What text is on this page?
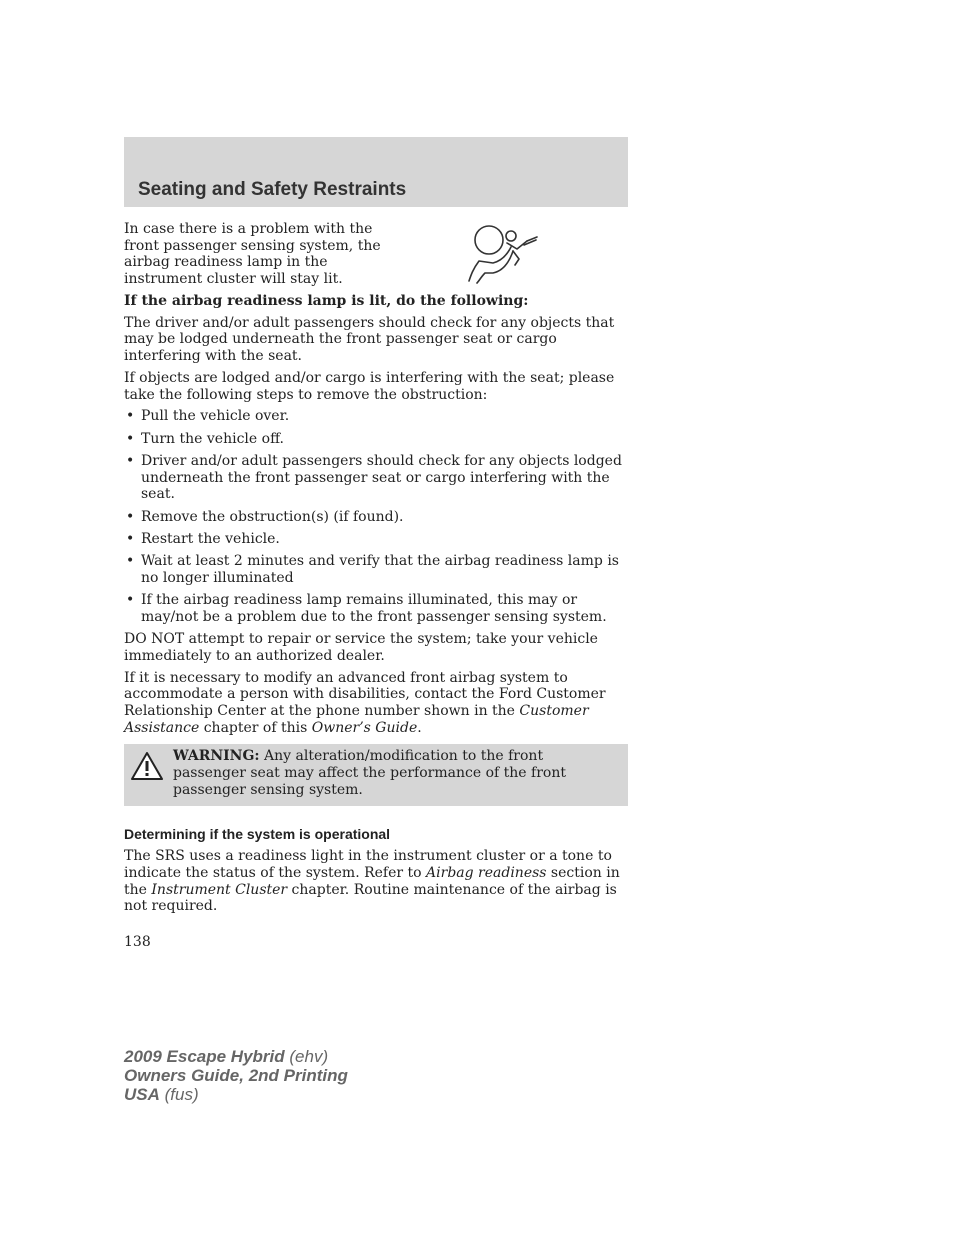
Seating and Safety Restraints

In case there is a problem with the front passenger sensing system, the airbag readiness lamp in the instrument cluster will stay lit.

If the airbag readiness lamp is lit, do the following:

The driver and/or adult passengers should check for any objects that may be lodged underneath the front passenger seat or cargo interfering with the seat.

If objects are lodged and/or cargo is interfering with the seat; please take the following steps to remove the obstruction:

• Pull the vehicle over.
• Turn the vehicle off.
• Driver and/or adult passengers should check for any objects lodged underneath the front passenger seat or cargo interfering with the seat.
• Remove the obstruction(s) (if found).
• Restart the vehicle.
• Wait at least 2 minutes and verify that the airbag readiness lamp is no longer illuminated
• If the airbag readiness lamp remains illuminated, this may or may/not be a problem due to the front passenger sensing system.

DO NOT attempt to repair or service the system; take your vehicle immediately to an authorized dealer.

If it is necessary to modify an advanced front airbag system to accommodate a person with disabilities, contact the Ford Customer Relationship Center at the phone number shown in the Customer Assistance chapter of this Owner’s Guide.

WARNING: Any alteration/modification to the front passenger seat may affect the performance of the front passenger sensing system.
Determining if the system is operational

The SRS uses a readiness light in the instrument cluster or a tone to indicate the status of the system. Refer to Airbag readiness section in the Instrument Cluster chapter. Routine maintenance of the airbag is not required.

138
2009 Escape Hybrid (ehv)
Owners Guide, 2nd Printing
USA (fus)
